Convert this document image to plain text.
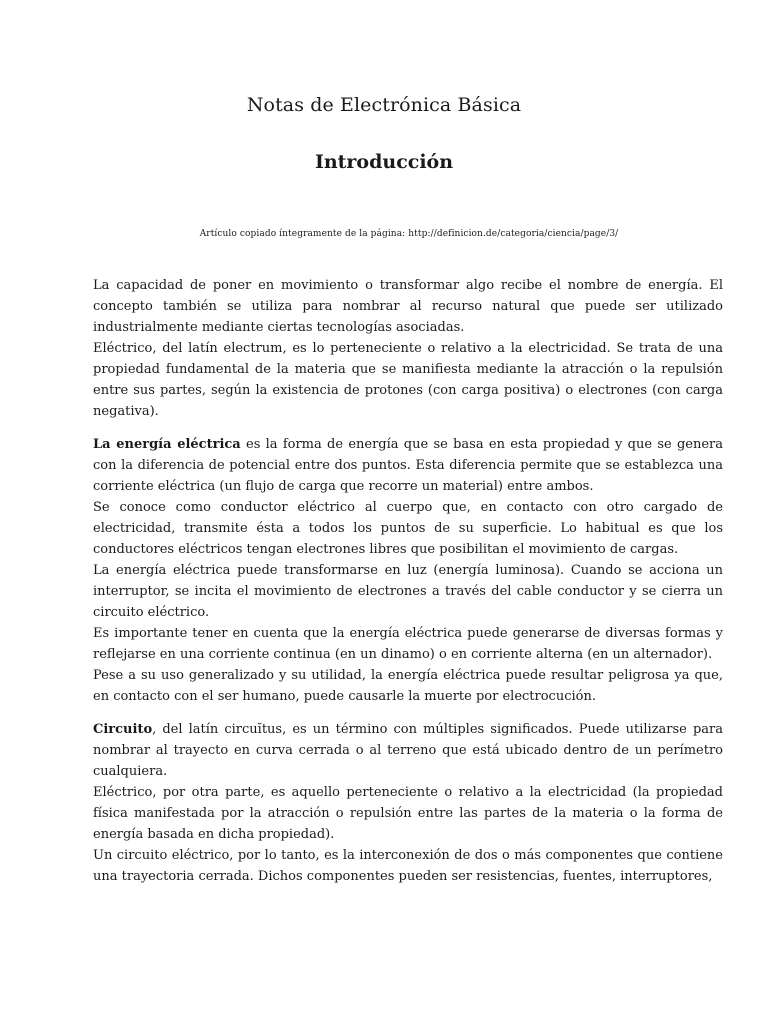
Notas de Electrónica Básica
Introducción

Artículo copiado íntegramente de la página: http://definicion.de/categoria/ciencia/page/3/

La capacidad de poner en movimiento o transformar algo recibe el nombre de energía. El concepto también se utiliza para nombrar al recurso natural que puede ser utilizado industrialmente mediante ciertas tecnologías asociadas.

Eléctrico, del latín electrum, es lo perteneciente o relativo a la electricidad. Se trata de una propiedad fundamental de la materia que se manifiesta mediante la atracción o la repulsión entre sus partes, según la existencia de protones (con carga positiva) o electrones (con carga negativa).

La energía eléctrica es la forma de energía que se basa en esta propiedad y que se genera con la diferencia de potencial entre dos puntos. Esta diferencia permite que se establezca una corriente eléctrica (un flujo de carga que recorre un material) entre ambos.

Se conoce como conductor eléctrico al cuerpo que, en contacto con otro cargado de electricidad, transmite ésta a todos los puntos de su superficie. Lo habitual es que los conductores eléctricos tengan electrones libres que posibilitan el movimiento de cargas.

La energía eléctrica puede transformarse en luz (energía luminosa). Cuando se acciona un interruptor, se incita el movimiento de electrones a través del cable conductor y se cierra un circuito eléctrico.

Es importante tener en cuenta que la energía eléctrica puede generarse de diversas formas y reflejarse en una corriente continua (en un dinamo) o en corriente alterna (en un alternador).

Pese a su uso generalizado y su utilidad, la energía eléctrica puede resultar peligrosa ya que, en contacto con el ser humano, puede causarle la muerte por electrocución.

Circuito, del latín circuĭtus, es un término con múltiples significados. Puede utilizarse para nombrar al trayecto en curva cerrada o al terreno que está ubicado dentro de un perímetro cualquiera.

Eléctrico, por otra parte, es aquello perteneciente o relativo a la electricidad (la propiedad física manifestada por la atracción o repulsión entre las partes de la materia o la forma de energía basada en dicha propiedad).

Un circuito eléctrico, por lo tanto, es la interconexión de dos o más componentes que contiene una trayectoria cerrada. Dichos componentes pueden ser resistencias, fuentes, interruptores,
